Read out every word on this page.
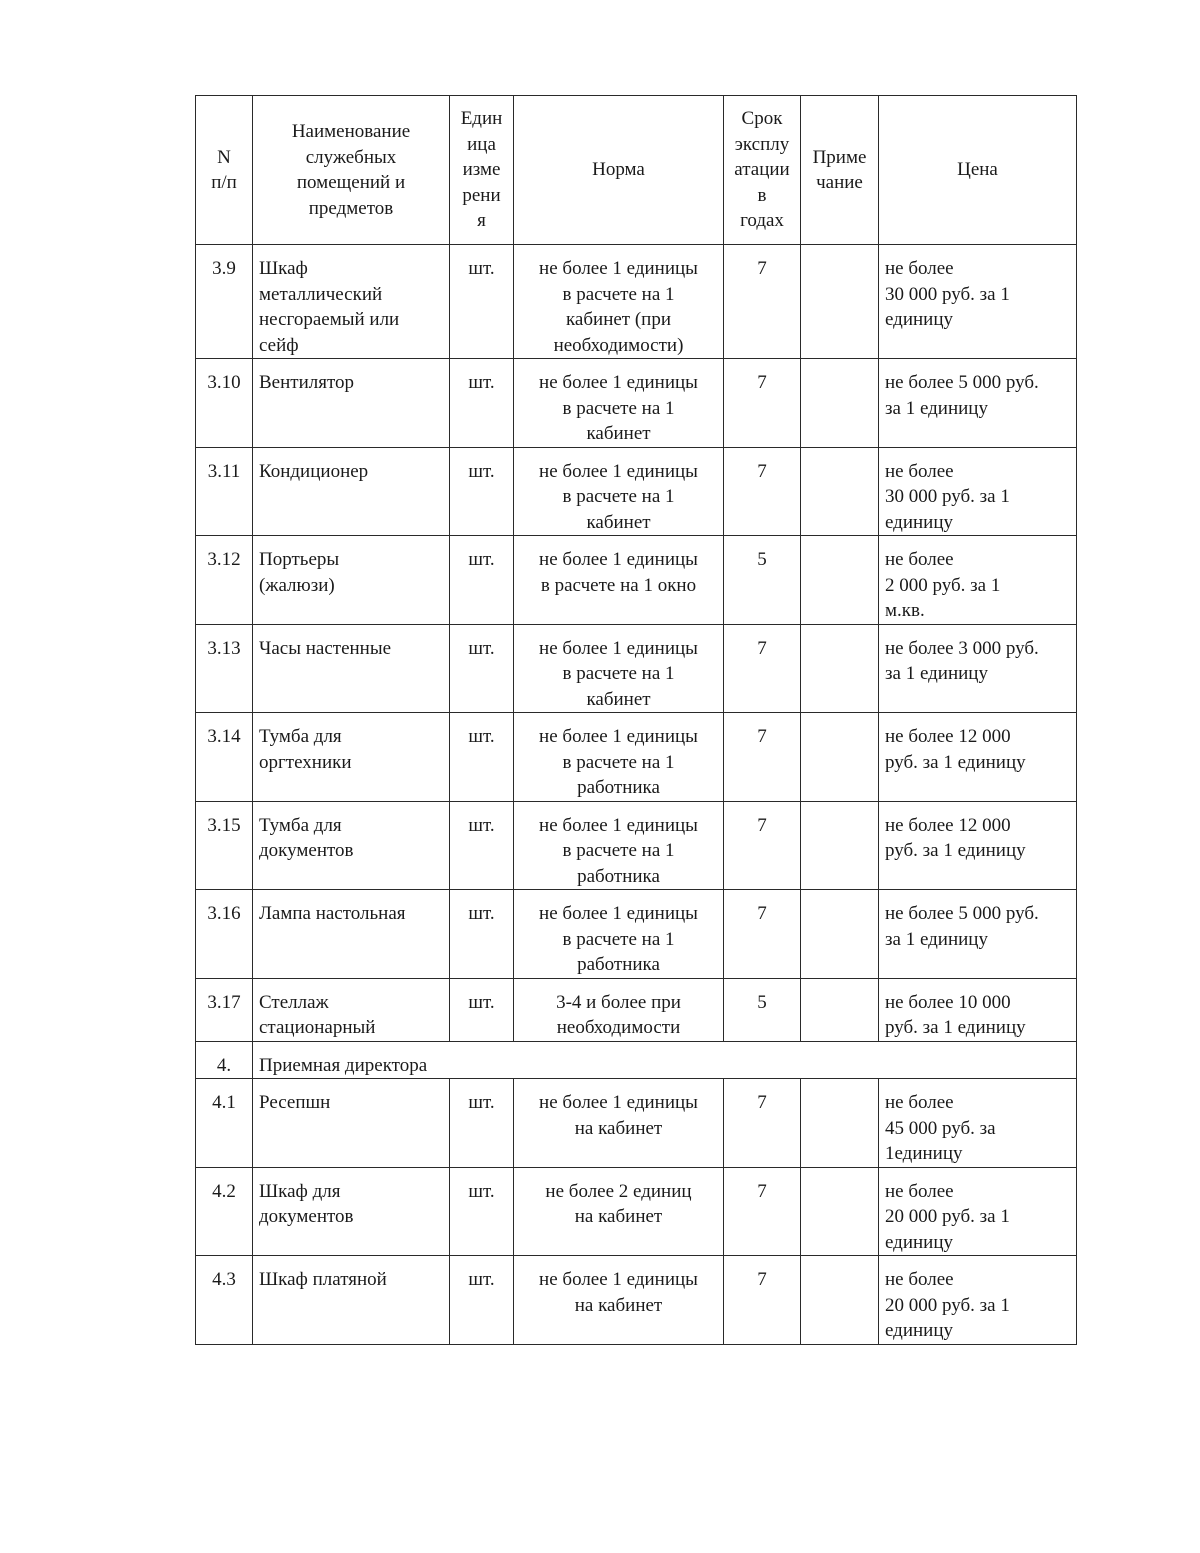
N
п/п	Наименование
служебных
помещений и
предметов	Един
ица
изме
рени
я	Норма	Срок
эксплу
атации
в
годах	Приме
чание	Цена
3.9	Шкаф
металлический
несгораемый или
сейф	шт.	не более 1 единицы
в расчете на 1
кабинет (при
необходимости)	7		не более
30 000 руб. за 1
единицу
3.10	Вентилятор	шт.	не более 1 единицы
в расчете на 1
кабинет	7		не более 5 000 руб.
за 1 единицу
3.11	Кондиционер	шт.	не более 1 единицы
в расчете на 1
кабинет	7		не более
30 000 руб. за 1
единицу
3.12	Портьеры
(жалюзи)	шт.	не более 1 единицы
в расчете на 1 окно	5		не более
2 000 руб. за 1
м.кв.
3.13	Часы настенные	шт.	не более 1 единицы
в расчете на 1
кабинет	7		не более 3 000 руб.
за 1 единицу
3.14	Тумба для
оргтехники	шт.	не более 1 единицы
в расчете на 1
работника	7		не более 12 000
руб. за 1 единицу
3.15	Тумба для
документов	шт.	не более 1 единицы
в расчете на 1
работника	7		не более 12 000
руб. за 1 единицу
3.16	Лампа настольная	шт.	не более 1 единицы
в расчете на 1
работника	7		не более 5 000 руб.
за 1 единицу
3.17	Стеллаж
стационарный	шт.	3-4 и более при
необходимости	5		не более 10 000
руб. за 1 единицу
4.	Приемная директора					
4.1	Ресепшн	шт.	не более 1 единицы
на кабинет	7		не более
45 000 руб. за
1единицу
4.2	Шкаф для
документов	шт.	не более 2 единиц
на кабинет	7		не более
20 000 руб. за 1
единицу
4.3	Шкаф платяной	шт.	не более 1 единицы
на кабинет	7		не более
20 000 руб. за 1
единицу
